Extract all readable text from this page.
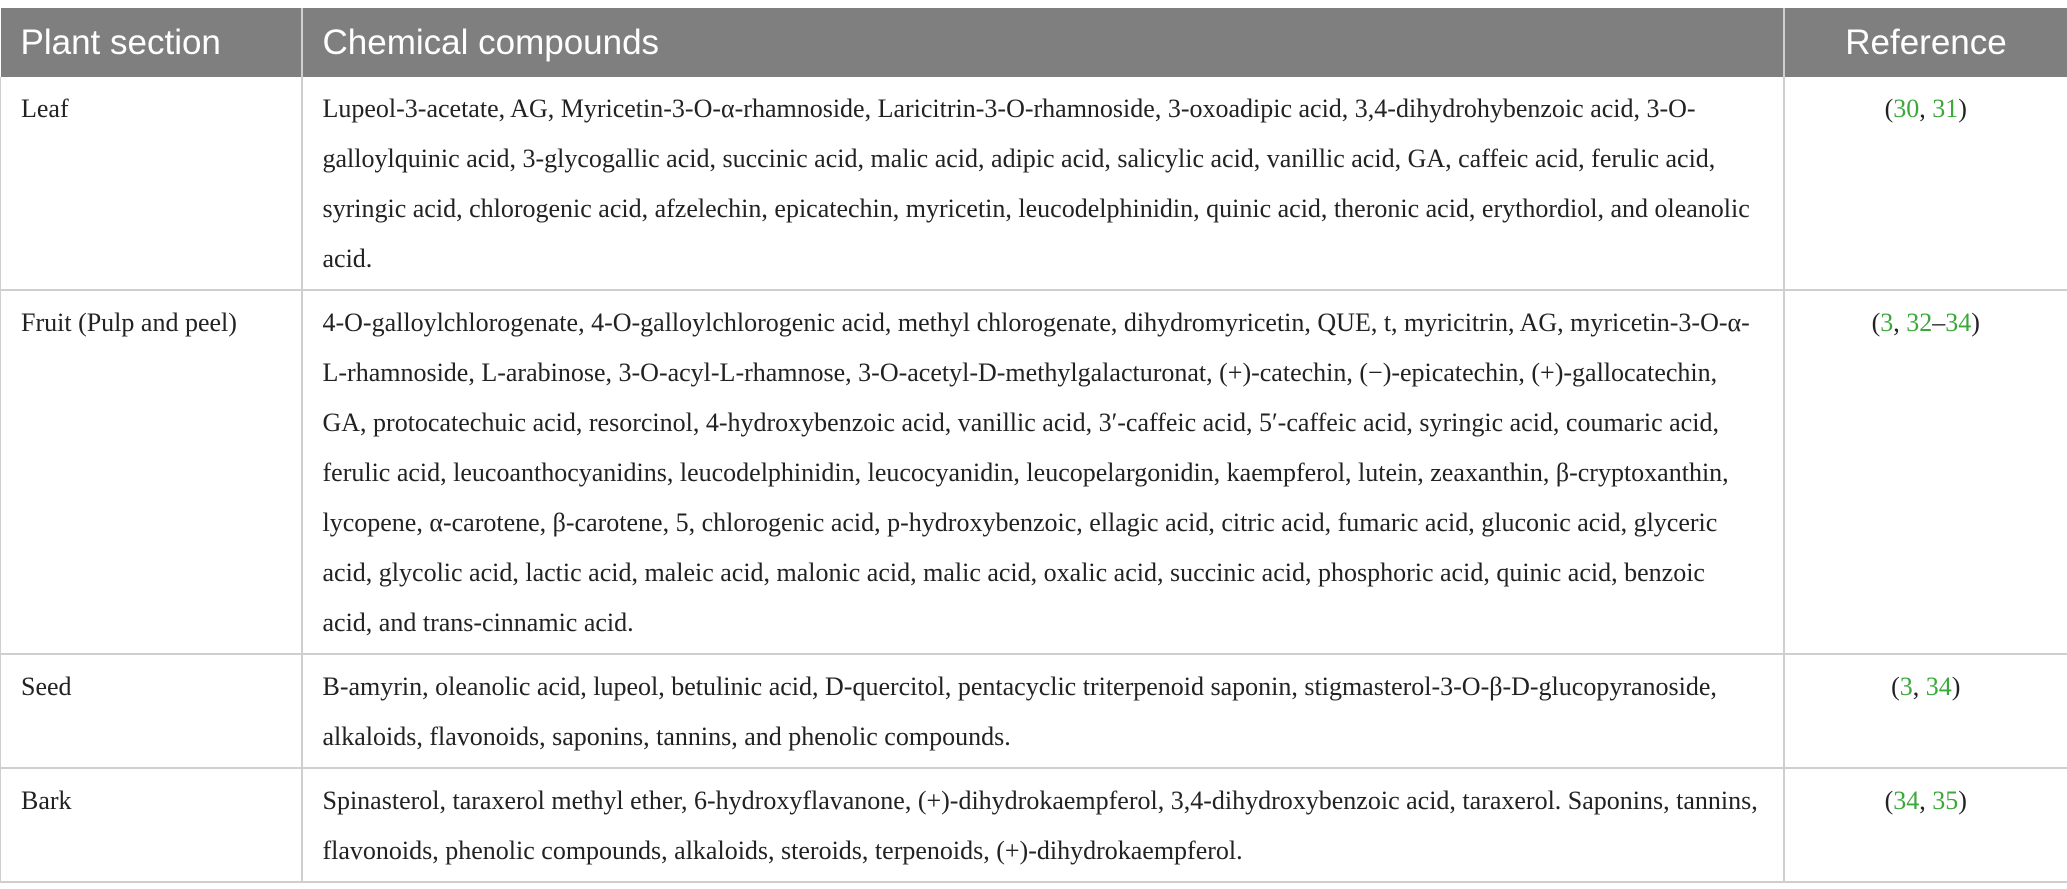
Plant section	Chemical compounds	Reference
Leaf	Lupeol-3-acetate, AG, Myricetin-3-O-α-rhamnoside, Laricitrin-3-O-rhamnoside, 3-oxoadipic acid, 3,4-dihydrohybenzoic acid, 3-O-galloylquinic acid, 3-glycogallic acid, succinic acid, malic acid, adipic acid, salicylic acid, vanillic acid, GA, caffeic acid, ferulic acid, syringic acid, chlorogenic acid, afzelechin, epicatechin, myricetin, leucodelphinidin, quinic acid, theronic acid, erythordiol, and oleanolic acid.	(30, 31)
Fruit (Pulp and peel)	4-O-galloylchlorogenate, 4-O-galloylchlorogenic acid, methyl chlorogenate, dihydromyricetin, QUE, t, myricitrin, AG, myricetin-3-O-α-L-rhamnoside, L-arabinose, 3-O-acyl-L-rhamnose, 3-O-acetyl-D-methylgalacturonat, (+)-catechin, (−)-epicatechin, (+)-gallocatechin, GA, protocatechuic acid, resorcinol, 4-hydroxybenzoic acid, vanillic acid, 3′-caffeic acid, 5′-caffeic acid, syringic acid, coumaric acid, ferulic acid, leucoanthocyanidins, leucodelphinidin, leucocyanidin, leucopelargonidin, kaempferol, lutein, zeaxanthin, β-cryptoxanthin, lycopene, α-carotene, β-carotene, 5, chlorogenic acid, p-hydroxybenzoic, ellagic acid, citric acid, fumaric acid, gluconic acid, glyceric acid, glycolic acid, lactic acid, maleic acid, malonic acid, malic acid, oxalic acid, succinic acid, phosphoric acid, quinic acid, benzoic acid, and trans-cinnamic acid.	(3, 32–34)
Seed	B-amyrin, oleanolic acid, lupeol, betulinic acid, D-quercitol, pentacyclic triterpenoid saponin, stigmasterol-3-O-β-D-glucopyranoside, alkaloids, flavonoids, saponins, tannins, and phenolic compounds.	(3, 34)
Bark	Spinasterol, taraxerol methyl ether, 6-hydroxyflavanone, (+)-dihydrokaempferol, 3,4-dihydroxybenzoic acid, taraxerol. Saponins, tannins, flavonoids, phenolic compounds, alkaloids, steroids, terpenoids, (+)-dihydrokaempferol.	(34, 35)
